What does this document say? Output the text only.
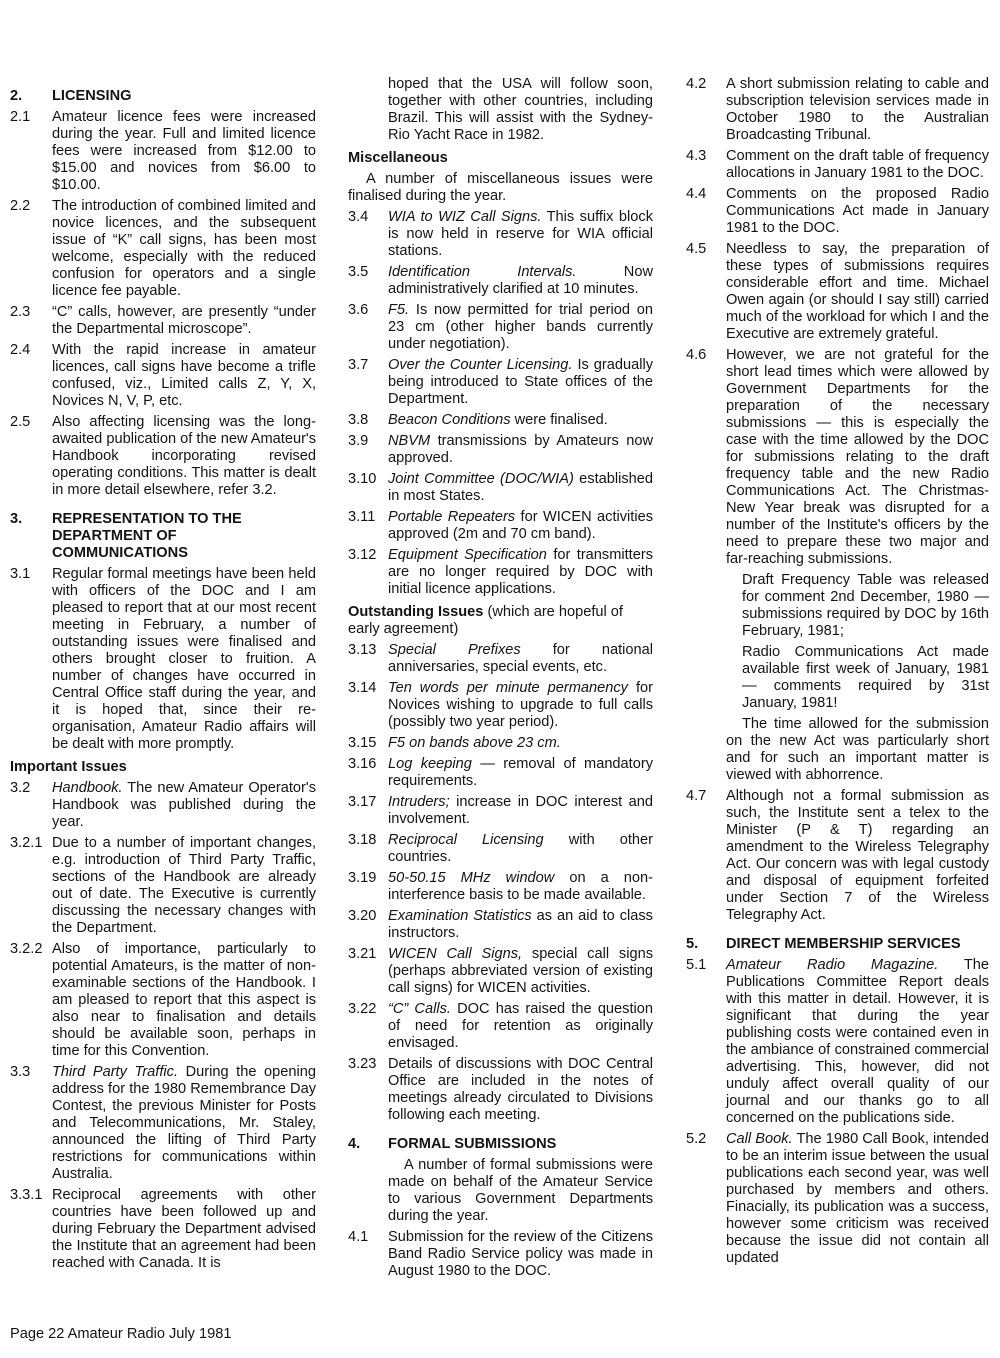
2.	LICENSING
2.1	Amateur licence fees were increased during the year. Full and limited licence fees were increased from $12.00 to $15.00 and novices from $6.00 to $10.00.
2.2	The introduction of combined limited and novice licences, and the subsequent issue of “K” call signs, has been most welcome, especially with the reduced confusion for operators and a single licence fee payable.
2.3	“C” calls, however, are presently “under the Departmental microscope”.
2.4	With the rapid increase in amateur licences, call signs have become a trifle confused, viz., Limited calls Z, Y, X, Novices N, V, P, etc.
2.5	Also affecting licensing was the long-awaited publication of the new Amateur's Handbook incorporating revised operating conditions. This matter is dealt in more detail elsewhere, refer 3.2.
3.	REPRESENTATION TO THE DEPARTMENT OF COMMUNICATIONS
3.1	Regular formal meetings have been held with officers of the DOC and I am pleased to report that at our most recent meeting in February, a number of outstanding issues were finalised and others brought closer to fruition. A number of changes have occurred in Central Office staff during the year, and it is hoped that, since their re-organisation, Amateur Radio affairs will be dealt with more promptly.
Important Issues
3.2	Handbook. The new Amateur Operator's Handbook was published during the year.
3.2.1 Due to a number of important changes, e.g. introduction of Third Party Traffic, sections of the Handbook are already out of date. The Executive is currently discussing the necessary changes with the Department.
3.2.2 Also of importance, particularly to potential Amateurs, is the matter of non-examinable sections of the Handbook. I am pleased to report that this aspect is also near to finalisation and details should be available soon, perhaps in time for this Convention.
3.3	Third Party Traffic. During the opening address for the 1980 Remembrance Day Contest, the previous Minister for Posts and Telecommunications, Mr. Staley, announced the lifting of Third Party restrictions for communications within Australia.
3.3.1 Reciprocal agreements with other countries have been followed up and during February the Department advised the Institute that an agreement had been reached with Canada. It is
hoped that the USA will follow soon, together with other countries, including Brazil. This will assist with the Sydney-Rio Yacht Race in 1982.
Miscellaneous
A number of miscellaneous issues were finalised during the year.
3.4	WIA to WIZ Call Signs. This suffix block is now held in reserve for WIA official stations.
3.5	Identification Intervals. Now administratively clarified at 10 minutes.
3.6	F5. Is now permitted for trial period on 23 cm (other higher bands currently under negotiation).
3.7	Over the Counter Licensing. Is gradually being introduced to State offices of the Department.
3.8	Beacon Conditions were finalised.
3.9	NBVM transmissions by Amateurs now approved.
3.10 Joint Committee (DOC/WIA) established in most States.
3.11 Portable Repeaters for WICEN activities approved (2m and 70 cm band).
3.12 Equipment Specification for transmitters are no longer required by DOC with initial licence applications.
Outstanding Issues (which are hopeful of early agreement)
3.13 Special Prefixes for national anniversaries, special events, etc.
3.14 Ten words per minute permanency for Novices wishing to upgrade to full calls (possibly two year period).
3.15 F5 on bands above 23 cm.
3.16 Log keeping — removal of mandatory requirements.
3.17 Intruders; increase in DOC interest and involvement.
3.18 Reciprocal Licensing with other countries.
3.19 50-50.15 MHz window on a non-interference basis to be made available.
3.20 Examination Statistics as an aid to class instructors.
3.21 WICEN Call Signs, special call signs (perhaps abbreviated version of existing call signs) for WICEN activities.
3.22 “C” Calls. DOC has raised the question of need for retention as originally envisaged.
3.23 Details of discussions with DOC Central Office are included in the notes of meetings already circulated to Divisions following each meeting.
4.	FORMAL SUBMISSIONS
A number of formal submissions were made on behalf of the Amateur Service to various Government Departments during the year.
4.1	Submission for the review of the Citizens Band Radio Service policy was made in August 1980 to the DOC.
4.2	A short submission relating to cable and subscription television services made in October 1980 to the Australian Broadcasting Tribunal.
4.3	Comment on the draft table of frequency allocations in January 1981 to the DOC.
4.4	Comments on the proposed Radio Communications Act made in January 1981 to the DOC.
4.5	Needless to say, the preparation of these types of submissions requires considerable effort and time. Michael Owen again (or should I say still) carried much of the workload for which I and the Executive are extremely grateful.
4.6	However, we are not grateful for the short lead times which were allowed by Government Departments for the preparation of the necessary submissions — this is especially the case with the time allowed by the DOC for submissions relating to the draft frequency table and the new Radio Communications Act. The Christmas-New Year break was disrupted for a number of the Institute's officers by the need to prepare these two major and far-reaching submissions.
Draft Frequency Table was released for comment 2nd December, 1980 — submissions required by DOC by 16th February, 1981;
Radio Communications Act made available first week of January, 1981 — comments required by 31st January, 1981!
The time allowed for the submission on the new Act was particularly short and for such an important matter is viewed with abhorrence.
4.7	Although not a formal submission as such, the Institute sent a telex to the Minister (P & T) regarding an amendment to the Wireless Telegraphy Act. Our concern was with legal custody and disposal of equipment forfeited under Section 7 of the Wireless Telegraphy Act.
5.	DIRECT MEMBERSHIP SERVICES
5.1	Amateur Radio Magazine. The Publications Committee Report deals with this matter in detail. However, it is significant that during the year publishing costs were contained even in the ambiance of constrained commercial advertising. This, however, did not unduly affect overall quality of our journal and our thanks go to all concerned on the publications side.
5.2	Call Book. The 1980 Call Book, intended to be an interim issue between the usual publications each second year, was well purchased by members and others. Finacially, its publication was a success, however some criticism was received because the issue did not contain all updated
Page 22 Amateur Radio July 1981
